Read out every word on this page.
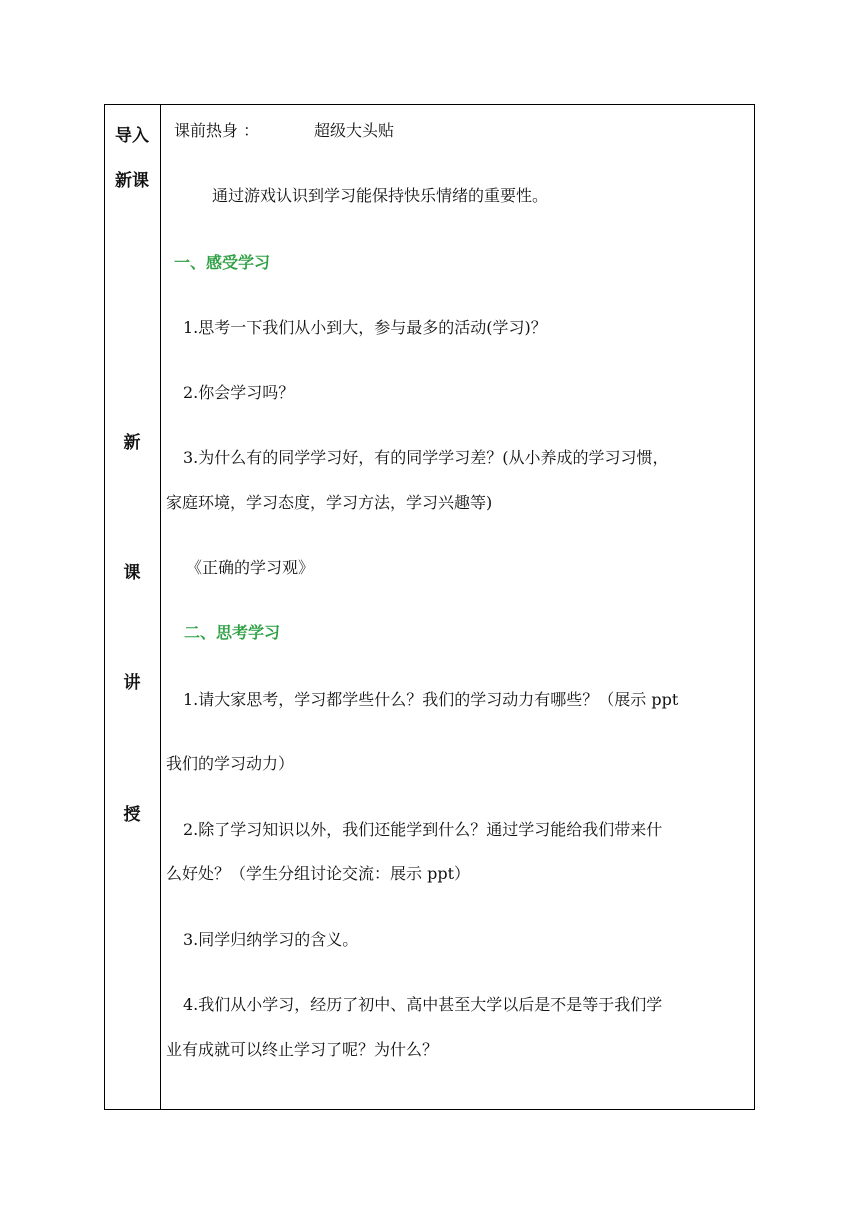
导入
新课
新
课
讲
授
课前热身 ：	超级大头贴
通过游戏认识到学习能保持快乐情绪的重要性。
一、感受学习
1.思考一下我们从小到大，参与最多的活动(学习)？
2.你会学习吗？
3.为什么有的同学学习好，有的同学学习差？(从小养成的学习习惯，
家庭环境，学习态度，学习方法，学习兴趣等)
《正确的学习观》
二、思考学习
1.请大家思考，学习都学些什么？我们的学习动力有哪些？（展示 ppt
我们的学习动力）
2.除了学习知识以外，我们还能学到什么？通过学习能给我们带来什
么好处？（学生分组讨论交流：展示 ppt）
3.同学归纳学习的含义。
4.我们从小学习，经历了初中、高中甚至大学以后是不是等于我们学
业有成就可以终止学习了呢？为什么？
